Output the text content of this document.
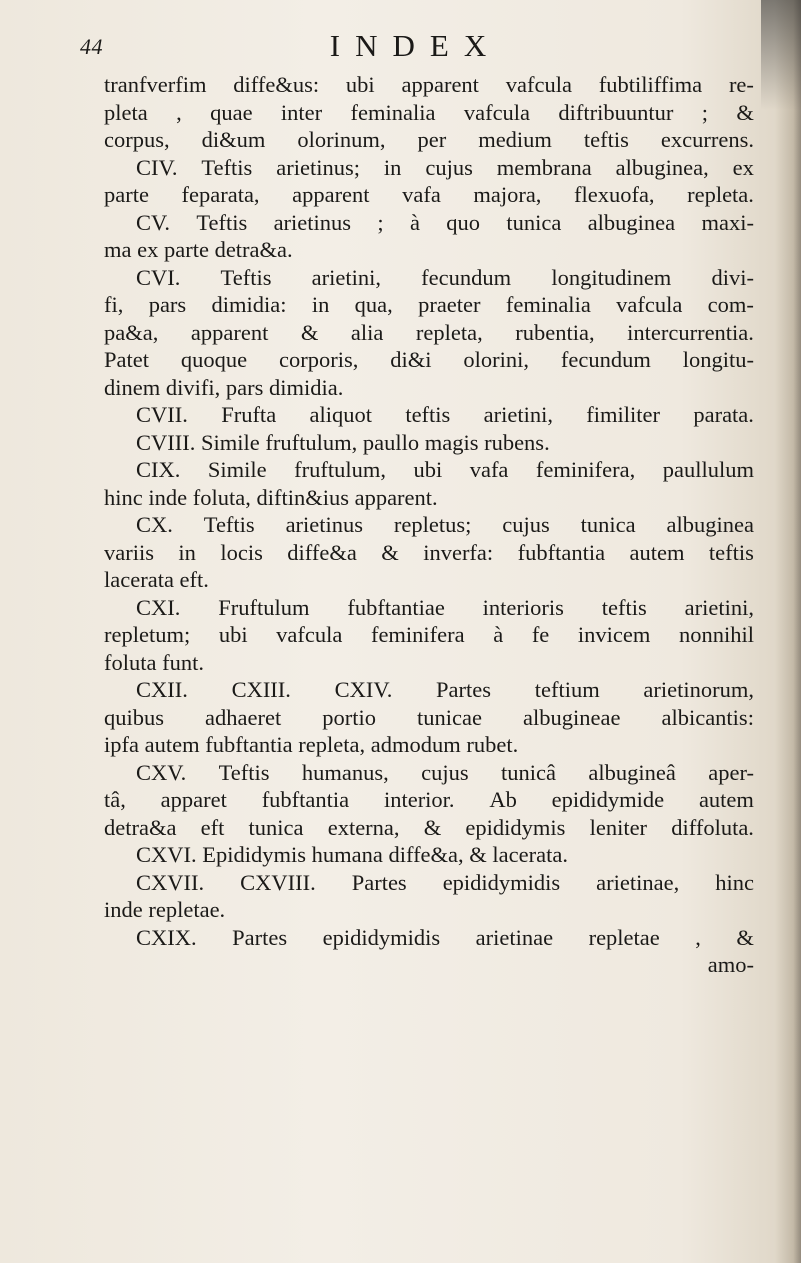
44	INDEX
tranfverfim diffe&us: ubi apparent vafcula fubtiliffima re-
pleta , quae inter feminalia vafcula diftribuuntur ; &
corpus, di&um olorinum, per medium teftis excurrens.
CIV. Teftis arietinus; in cujus membrana albuginea, ex
parte feparata, apparent vafa majora, flexuofa, repleta.
CV. Teftis arietinus ; à quo tunica albuginea maxi-
ma ex parte detra&a.
CVI. Teftis arietini, fecundum longitudinem divi-
fi, pars dimidia: in qua, praeter feminalia vafcula com-
pa&a, apparent & alia repleta, rubentia, intercurrentia.
Patet quoque corporis, di&i olorini, fecundum longitu-
dinem divifi, pars dimidia.
CVII. Frufta aliquot teftis arietini, fimiliter parata.
CVIII. Simile fruftulum, paullo magis rubens.
CIX. Simile fruftulum, ubi vafa feminifera, paullulum
hinc inde foluta, diftin&ius apparent.
CX. Teftis arietinus repletus; cujus tunica albuginea
variis in locis diffe&a & inverfa: fubftantia autem teftis
lacerata eft.
CXI. Fruftulum fubftantiae interioris teftis arietini,
repletum; ubi vafcula feminifera à fe invicem nonnihil
foluta funt.
CXII. CXIII. CXIV. Partes teftium arietinorum,
quibus adhaeret portio tunicae albugineae albicantis:
ipfa autem fubftantia repleta, admodum rubet.
CXV. Teftis humanus, cujus tunicâ albugineâ aper-
tâ, apparet fubftantia interior. Ab epididymide autem
detra&a eft tunica externa, & epididymis leniter diffoluta.
CXVI. Epididymis humana diffe&a, & lacerata.
CXVII. CXVIII. Partes epididymidis arietinae, hinc
inde repletae.
CXIX. Partes epididymidis arietinae repletae , &
amo-
